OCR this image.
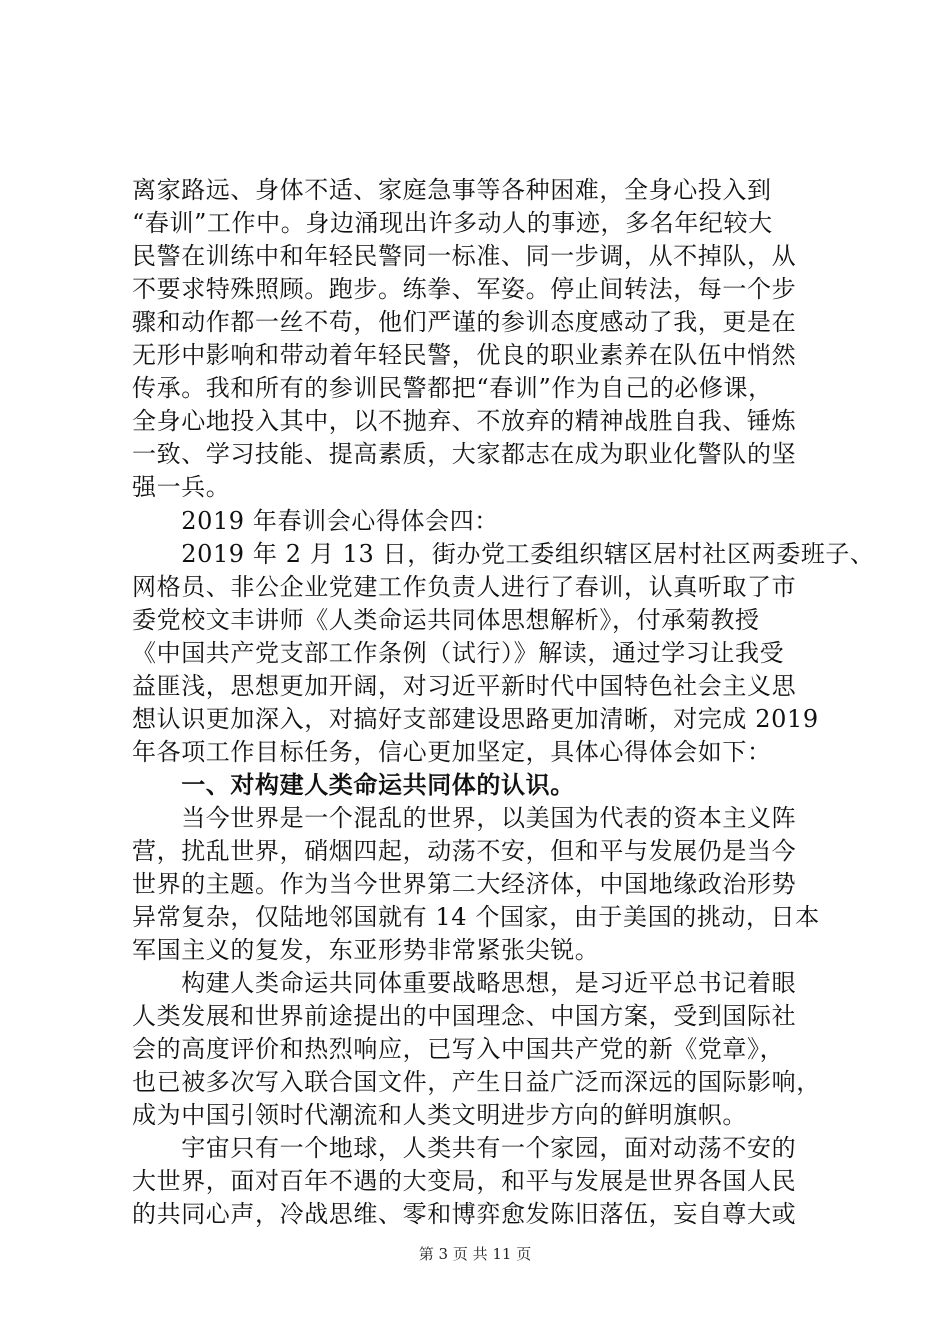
离家路远、身体不适、家庭急事等各种困难，全身心投入到
“春训”工作中。身边涌现出许多动人的事迹，多名年纪较大
民警在训练中和年轻民警同一标准、同一步调，从不掉队，从
不要求特殊照顾。跑步。练拳、军姿。停止间转法，每一个步
骤和动作都一丝不苟，他们严谨的参训态度感动了我，更是在
无形中影响和带动着年轻民警，优良的职业素养在队伍中悄然
传承。我和所有的参训民警都把“春训”作为自己的必修课，
全身心地投入其中，以不抛弃、不放弃的精神战胜自我、锤炼
一致、学习技能、提高素质，大家都志在成为职业化警队的坚
强一兵。
　　2019 年春训会心得体会四：
　　2019 年 2 月 13 日，街办党工委组织辖区居村社区两委班子、
网格员、非公企业党建工作负责人进行了春训，认真听取了市
委党校文丰讲师《人类命运共同体思想解析》，付承菊教授
《中国共产党支部工作条例（试行）》解读，通过学习让我受
益匪浅，思想更加开阔，对习近平新时代中国特色社会主义思
想认识更加深入，对搞好支部建设思路更加清晰，对完成 2019
年各项工作目标任务，信心更加坚定，具体心得体会如下：
　　一、对构建人类命运共同体的认识。
　　当今世界是一个混乱的世界，以美国为代表的资本主义阵
营，扰乱世界，硝烟四起，动荡不安，但和平与发展仍是当今
世界的主题。作为当今世界第二大经济体，中国地缘政治形势
异常复杂，仅陆地邻国就有 14 个国家，由于美国的挑动，日本
军国主义的复发，东亚形势非常紧张尖锐。
　　构建人类命运共同体重要战略思想，是习近平总书记着眼
人类发展和世界前途提出的中国理念、中国方案，受到国际社
会的高度评价和热烈响应，已写入中国共产党的新《党章》，
也已被多次写入联合国文件，产生日益广泛而深远的国际影响，
成为中国引领时代潮流和人类文明进步方向的鲜明旗帜。
　　宇宙只有一个地球，人类共有一个家园，面对动荡不安的
大世界，面对百年不遇的大变局，和平与发展是世界各国人民
的共同心声，冷战思维、零和博弈愈发陈旧落伍，妄自尊大或
第 3 页 共 11 页
